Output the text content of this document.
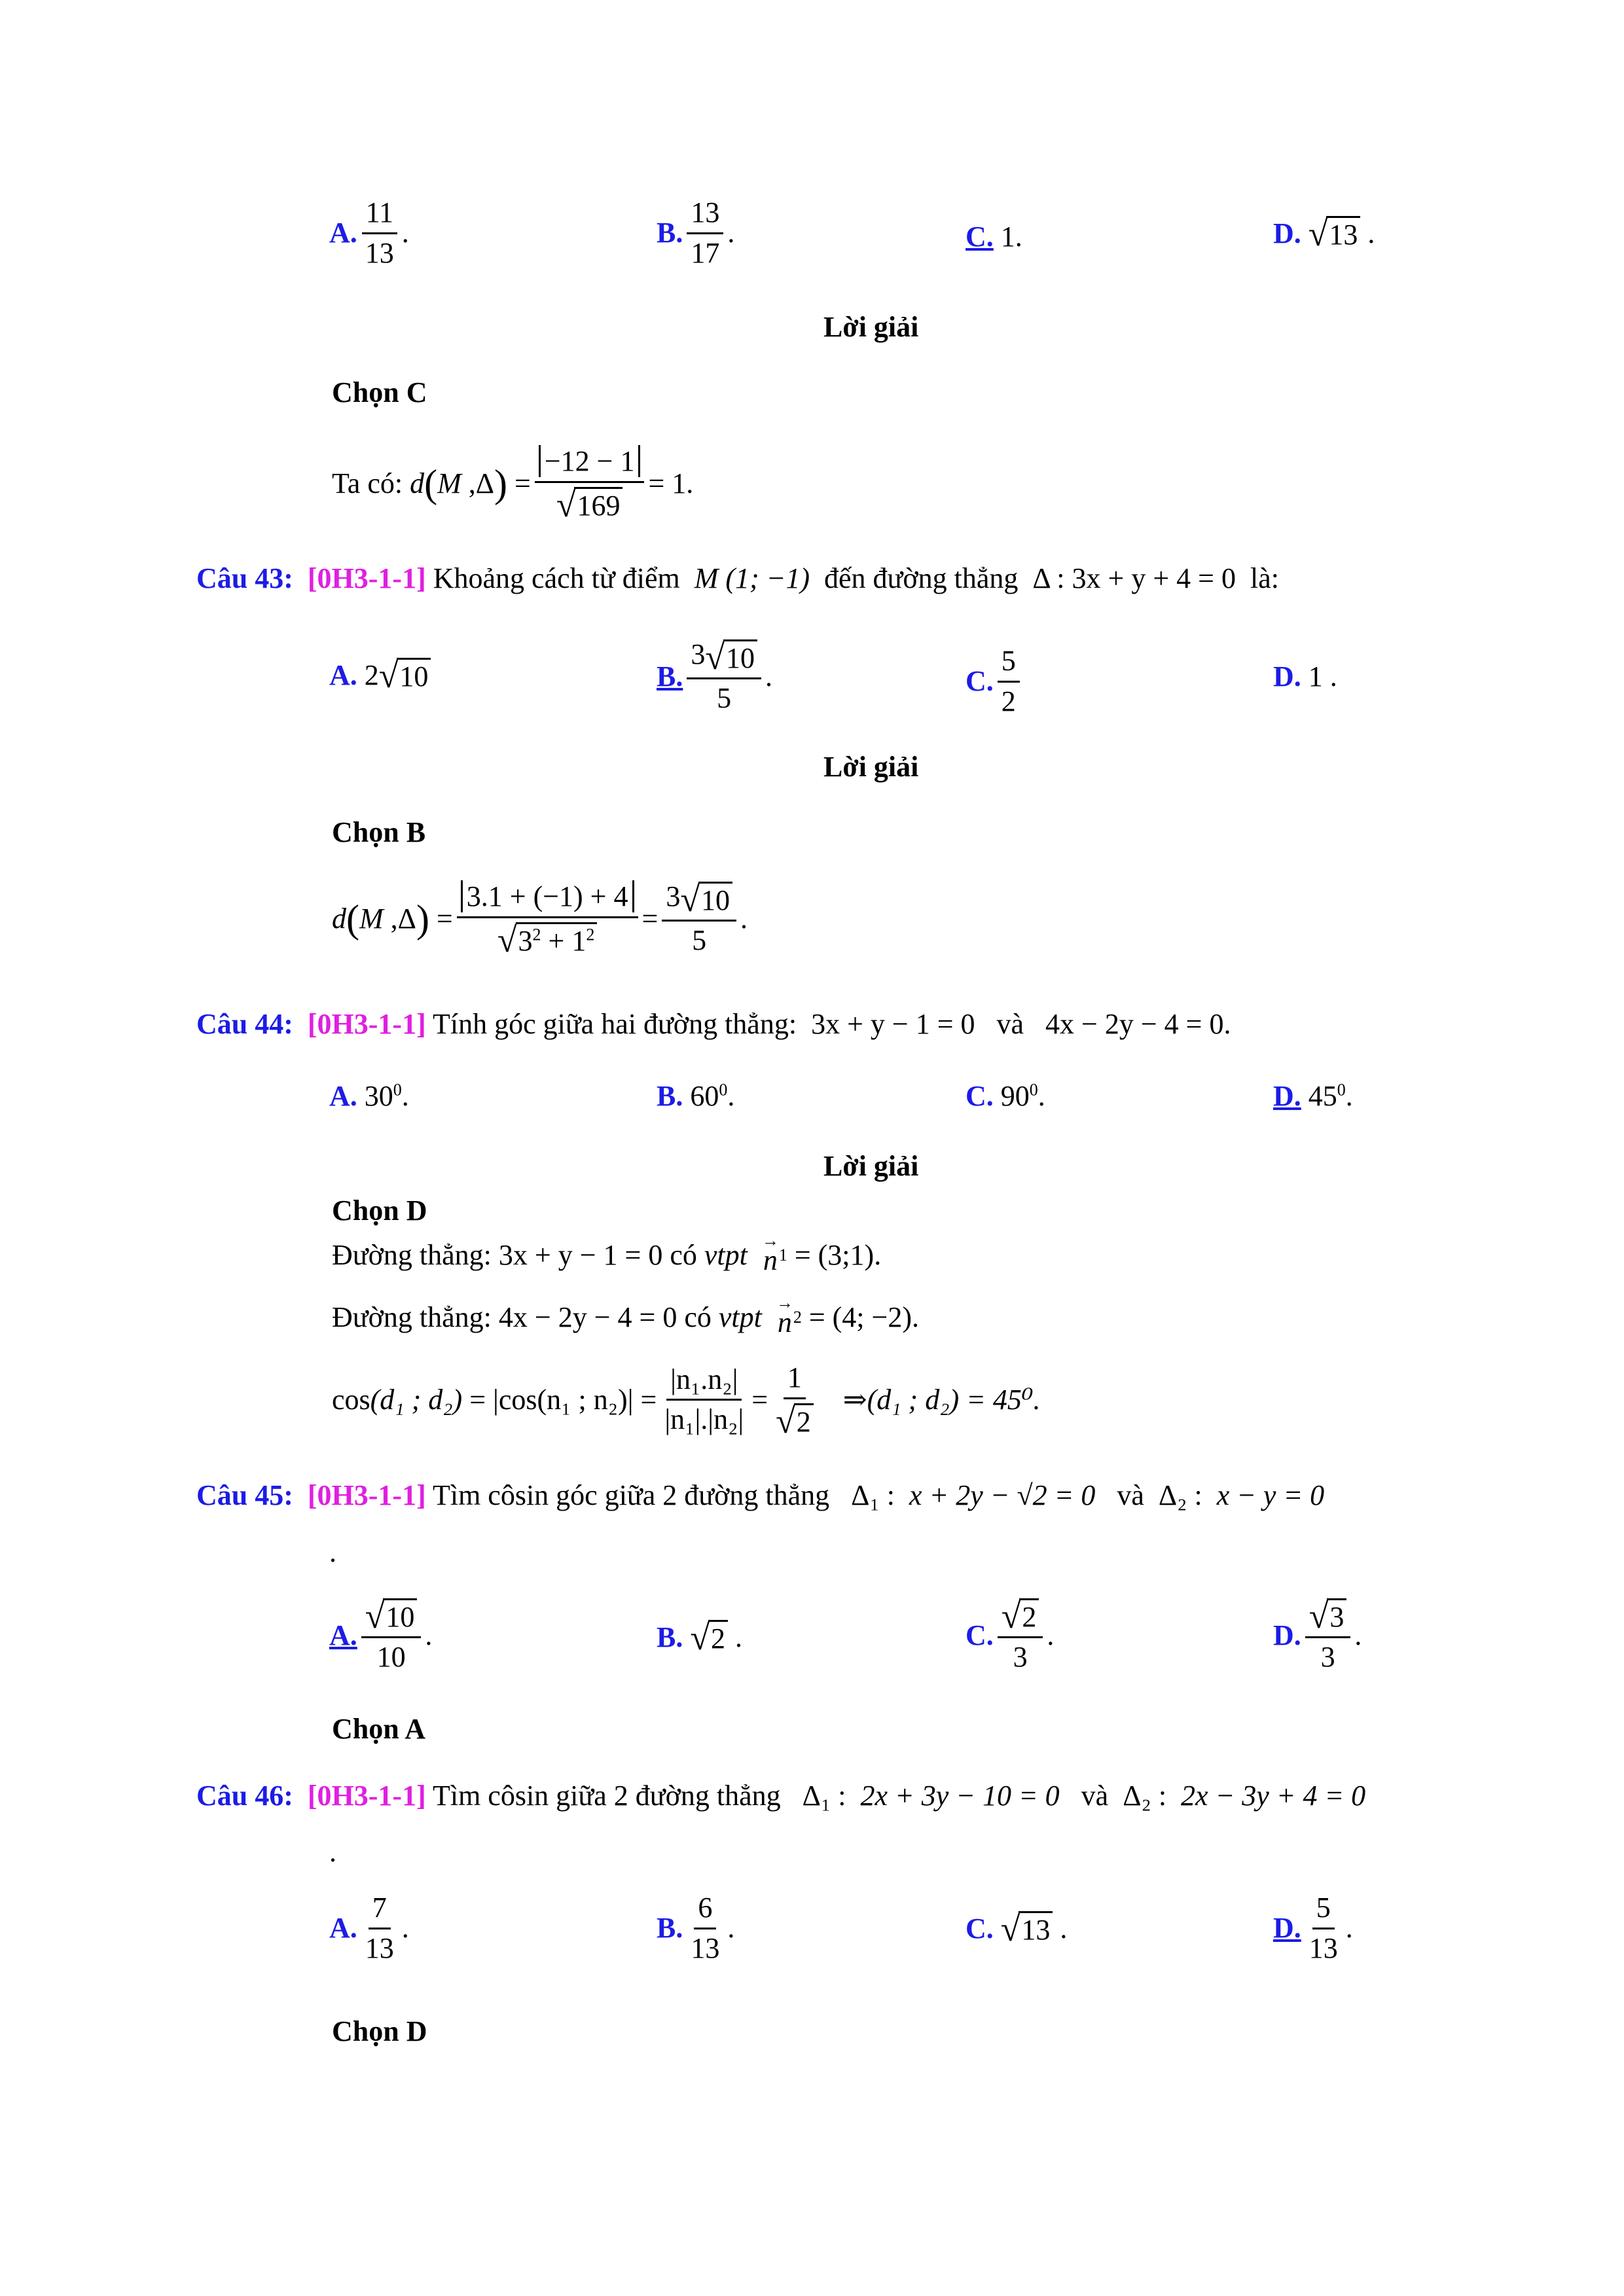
A. $\frac{11}{13}$ .	B. $\frac{13}{17}$ .	C.
1 .	D.
√ 13 .
Lời giải
Chọn C
Ta có:
d ( M ,Δ ) = $\frac{-12 - 1}{√ 169} = 1$.
Câu 43: [0H3-1-1] Khoảng cách từ điểm M (1; −1) đến đường thẳng Δ : 3x + y + 4 = 0 là:
A.
2 √ 10	B. $\frac{3 √ 10}{5}$ .	C. $\frac{5}{2}$	D.
1 .
Lời giải
Chọn B
d ( M ,Δ ) = $\frac{3.1 + (-1) + 4}{√ 3^2 + 1^2} = \frac{3 √ 10}{5}$ .
Câu 44: [0H3-1-1] Tính góc giữa hai đường thẳng: 3x + y − 1 = 0 và 4x − 2y − 4 = 0.
A. $30^0$.	B. $60^0$.	C. $90^0$.	D. $45^0$.
Lời giải
Chọn D
Đường thẳng:
3x + y − 1 = 0
có
vtpt
→
n 1
= (3;1).
Đường thẳng:
4x − 2y − 4 = 0
có
vtpt
→
n 2
= (4; −2).
cos (d₁ ; d₂)
= |cos(n₁ ; $n_2)| = \frac{\text{|n₁.n₂|}}{\text{|n₁|.|n₂|}} = \frac{1}{√ 2}$
⇒ (d₁ ; d₂) = 45⁰.
Câu 45: [0H3-1-1] Tìm côsin góc giữa 2 đường thẳng Δ₁ : x + 2y − √2 = 0 và Δ₂ : x − y = 0
.
A. $\frac{√ 10}{10}$ .	B.
√ 2 .	C. $\frac{√ 2}{3}$ .	D. $\frac{√ 3}{3}$ .
Chọn A
Câu 46: [0H3-1-1] Tìm côsin giữa 2 đường thẳng Δ₁ : 2x + 3y − 10 = 0 và Δ₂ : 2x − 3y + 4 = 0
.
A. $\frac{7}{13}$ .	B. $\frac{6}{13}$ .	C.
√ 13 .	D. $\frac{5}{13}$ .
Chọn D
